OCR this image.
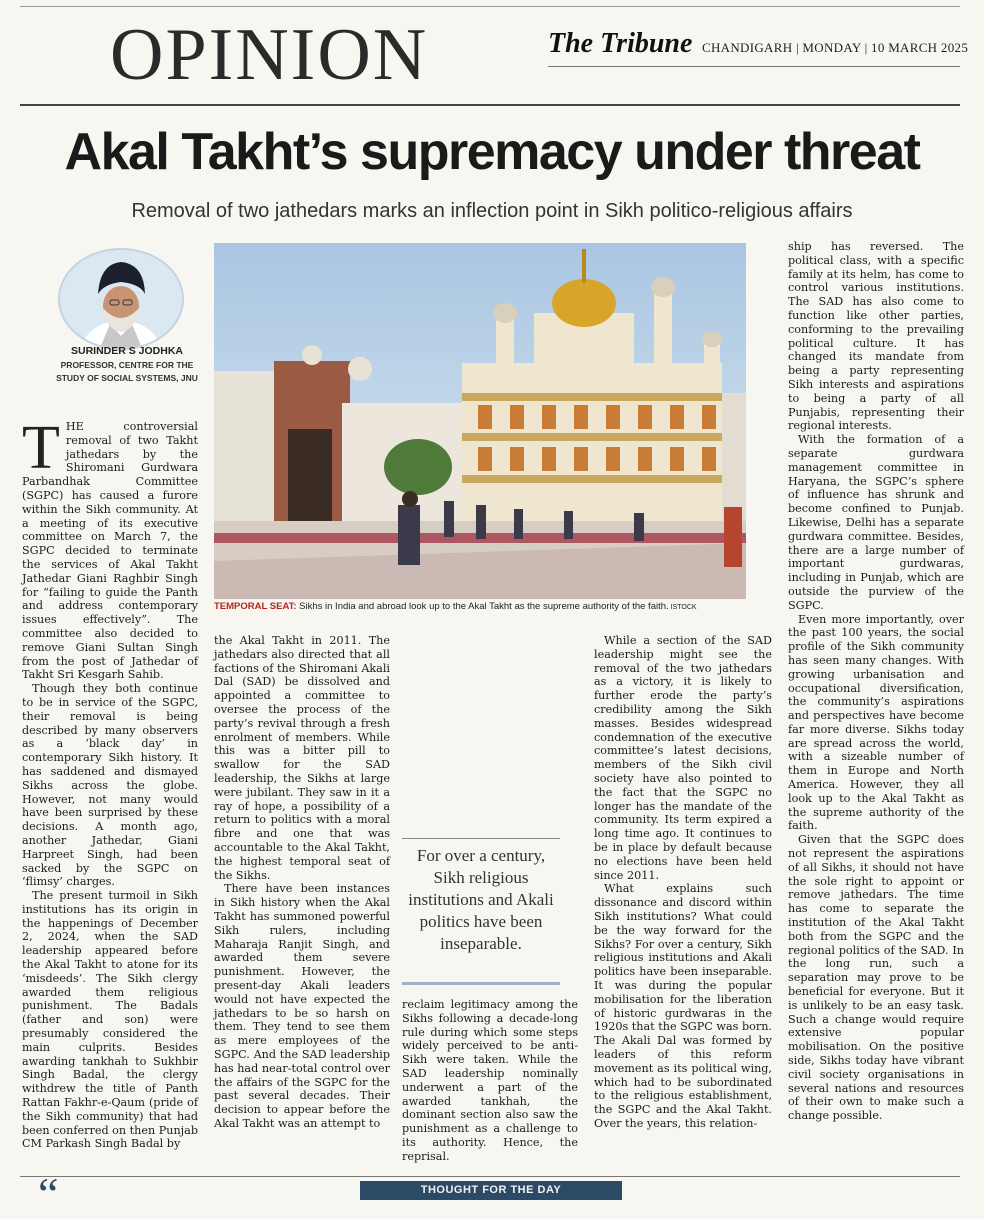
OPINION	The Tribune CHANDIGARH | MONDAY | 10 MARCH 2025
Akal Takht’s supremacy under threat
Removal of two jathedars marks an inflection point in Sikh politico-religious affairs
SURINDER S JODHKA
PROFESSOR, CENTRE FOR THE STUDY OF SOCIAL SYSTEMS, JNU
TEMPORAL SEAT: Sikhs in India and abroad look up to the Akal Takht as the supreme authority of the faith. ISTOCK

THE controversial removal of two Takht jathedars by the Shiromani Gurdwara Parbandhak Committee (SGPC) has caused a furore within the Sikh community. At a meeting of its executive committee on March 7, the SGPC decided to terminate the services of Akal Takht Jathedar Giani Raghbir Singh for “failing to guide the Panth and address contemporary issues effectively”. The committee also decided to remove Giani Sultan Singh from the post of Jathedar of Takht Sri Kesgarh Sahib.

Though they both continue to be in service of the SGPC, their removal is being described by many observers as a ‘black day’ in contemporary Sikh history. It has saddened and dismayed Sikhs across the globe. However, not many would have been surprised by these decisions. A month ago, another Jathedar, Giani Harpreet Singh, had been sacked by the SGPC on ‘flimsy’ charges.

The present turmoil in Sikh institutions has its origin in the happenings of December 2, 2024, when the SAD leadership appeared before the Akal Takht to atone for its ‘misdeeds’. The Sikh clergy awarded them religious punishment. The Badals (father and son) were presumably considered the main culprits. Besides awarding tankhah to Sukhbir Singh Badal, the clergy withdrew the title of Panth Rattan Fakhr-e-Qaum (pride of the Sikh community) that had been conferred on then Punjab CM Parkash Singh Badal by

the Akal Takht in 2011. The jathedars also directed that all factions of the Shiromani Akali Dal (SAD) be dissolved and appointed a committee to oversee the process of the party’s revival through a fresh enrolment of members. While this was a bitter pill to swallow for the SAD leadership, the Sikhs at large were jubilant. They saw in it a ray of hope, a possibility of a return to politics with a moral fibre and one that was accountable to the Akal Takht, the highest temporal seat of the Sikhs.

There have been instances in Sikh history when the Akal Takht has summoned powerful Sikh rulers, including Maharaja Ranjit Singh, and awarded them severe punishment. However, the present-day Akali leaders would not have expected the jathedars to be so harsh on them. They tend to see them as mere employees of the SGPC. And the SAD leadership has had near-total control over the affairs of the SGPC for the past several decades. Their decision to appear before the Akal Takht was an attempt to

For over a century, Sikh religious institutions and Akali politics have been inseparable.

reclaim legitimacy among the Sikhs following a decade-long rule during which some steps widely perceived to be anti-Sikh were taken. While the SAD leadership nominally underwent a part of the awarded tankhah, the dominant section also saw the punishment as a challenge to its authority. Hence, the reprisal.

While a section of the SAD leadership might see the removal of the two jathedars as a victory, it is likely to further erode the party’s credibility among the Sikh masses. Besides widespread condemnation of the executive committee’s latest decisions, members of the Sikh civil society have also pointed to the fact that the SGPC no longer has the mandate of the community. Its term expired a long time ago. It continues to be in place by default because no elections have been held since 2011.

What explains such dissonance and discord within Sikh institutions? What could be the way forward for the Sikhs? For over a century, Sikh religious institutions and Akali politics have been inseparable. It was during the popular mobilisation for the liberation of historic gurdwaras in the 1920s that the SGPC was born. The Akali Dal was formed by leaders of this reform movement as its political wing, which had to be subordinated to the religious establishment, the SGPC and the Akal Takht. Over the years, this relation-

ship has reversed. The political class, with a specific family at its helm, has come to control various institutions. The SAD has also come to function like other parties, conforming to the prevailing political culture. It has changed its mandate from being a party representing Sikh interests and aspirations to being a party of all Punjabis, representing their regional interests.

With the formation of a separate gurdwara management committee in Haryana, the SGPC’s sphere of influence has shrunk and become confined to Punjab. Likewise, Delhi has a separate gurdwara committee. Besides, there are a large number of important gurdwaras, including in Punjab, which are outside the purview of the SGPC.

Even more importantly, over the past 100 years, the social profile of the Sikh community has seen many changes. With growing urbanisation and occupational diversification, the community’s aspirations and perspectives have become far more diverse. Sikhs today are spread across the world, with a sizeable number of them in Europe and North America. However, they all look up to the Akal Takht as the supreme authority of the faith.

Given that the SGPC does not represent the aspirations of all Sikhs, it should not have the sole right to appoint or remove jathedars. The time has come to separate the institution of the Akal Takht both from the SGPC and the regional politics of the SAD. In the long run, such a separation may prove to be beneficial for everyone. But it is unlikely to be an easy task. Such a change would require extensive popular mobilisation. On the positive side, Sikhs today have vibrant civil society organisations in several nations and resources of their own to make such a change possible.

“	THOUGHT FOR THE DAY
